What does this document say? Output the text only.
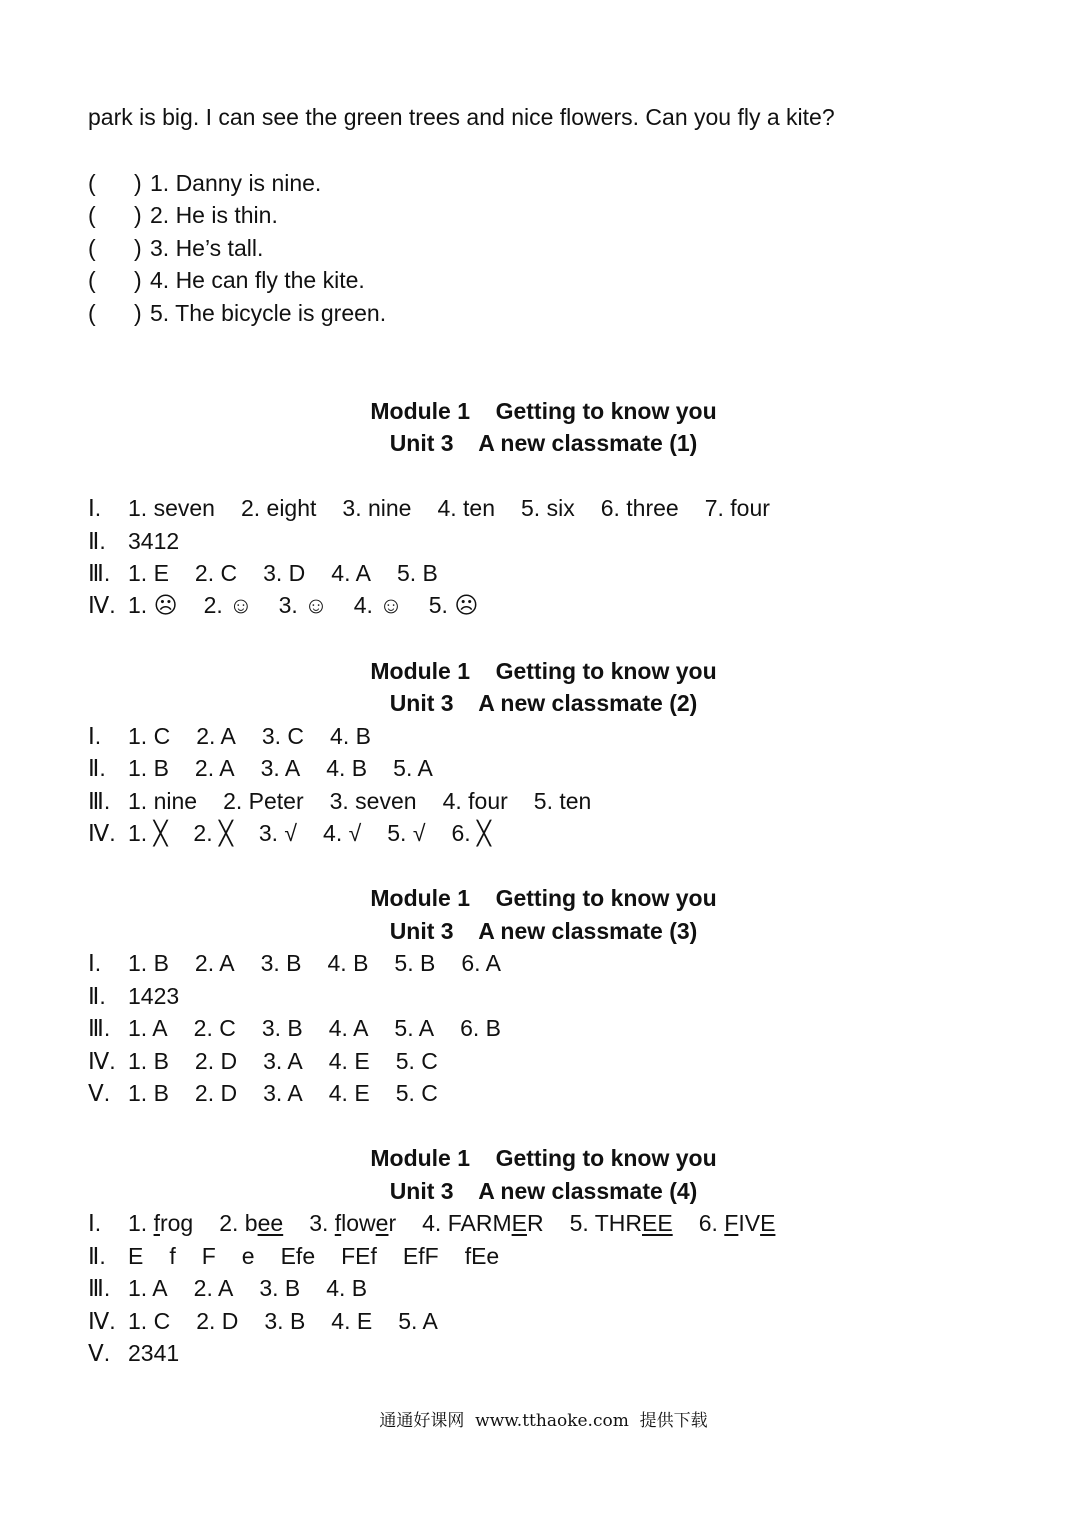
park is big. I can see the green trees and nice flowers. Can you fly a kite?
(      ) 1. Danny is nine.
(      ) 2. He is thin.
(      ) 3. He’s tall.
(      ) 4. He can fly the kite.
(      ) 5. The bicycle is green.
Module 1    Getting to know you
Unit 3    A new classmate (1)
Ⅰ. 1. seven 2. eight 3. nine 4. ten 5. six 6. three 7. four
Ⅱ. 3412
Ⅲ. 1. E 2. C 3. D 4. A 5. B
Ⅳ. 1. ☹ 2. ☺ 3. ☺ 4. ☺ 5. ☹
Module 1    Getting to know you
Unit 3    A new classmate (2)
Ⅰ. 1. C 2. A 3. C 4. B
Ⅱ. 1. B 2. A 3. A 4. B 5. A
Ⅲ. 1. nine 2. Peter 3. seven 4. four 5. ten
Ⅳ. 1. ╳ 2. ╳ 3. √ 4. √ 5. √ 6. ╳
Module 1    Getting to know you
Unit 3    A new classmate (3)
Ⅰ. 1. B 2. A 3. B 4. B 5. B 6. A
Ⅱ. 1423
Ⅲ. 1. A 2. C 3. B 4. A 5. A 6. B
Ⅳ. 1. B 2. D 3. A 4. E 5. C
Ⅴ. 1. B 2. D 3. A 4. E 5. C
Module 1    Getting to know you
Unit 3    A new classmate (4)
Ⅰ. 1. frog 2. bee 3. flower 4. FARMER 5. THREE 6. FIVE
Ⅱ. E f F e Efe FEf EfF fEe
Ⅲ. 1. A 2. A 3. B 4. B
Ⅳ. 1. C 2. D 3. B 4. E 5. A
Ⅴ. 2341
通通好课网  www.tthaoke.com  提供下载
